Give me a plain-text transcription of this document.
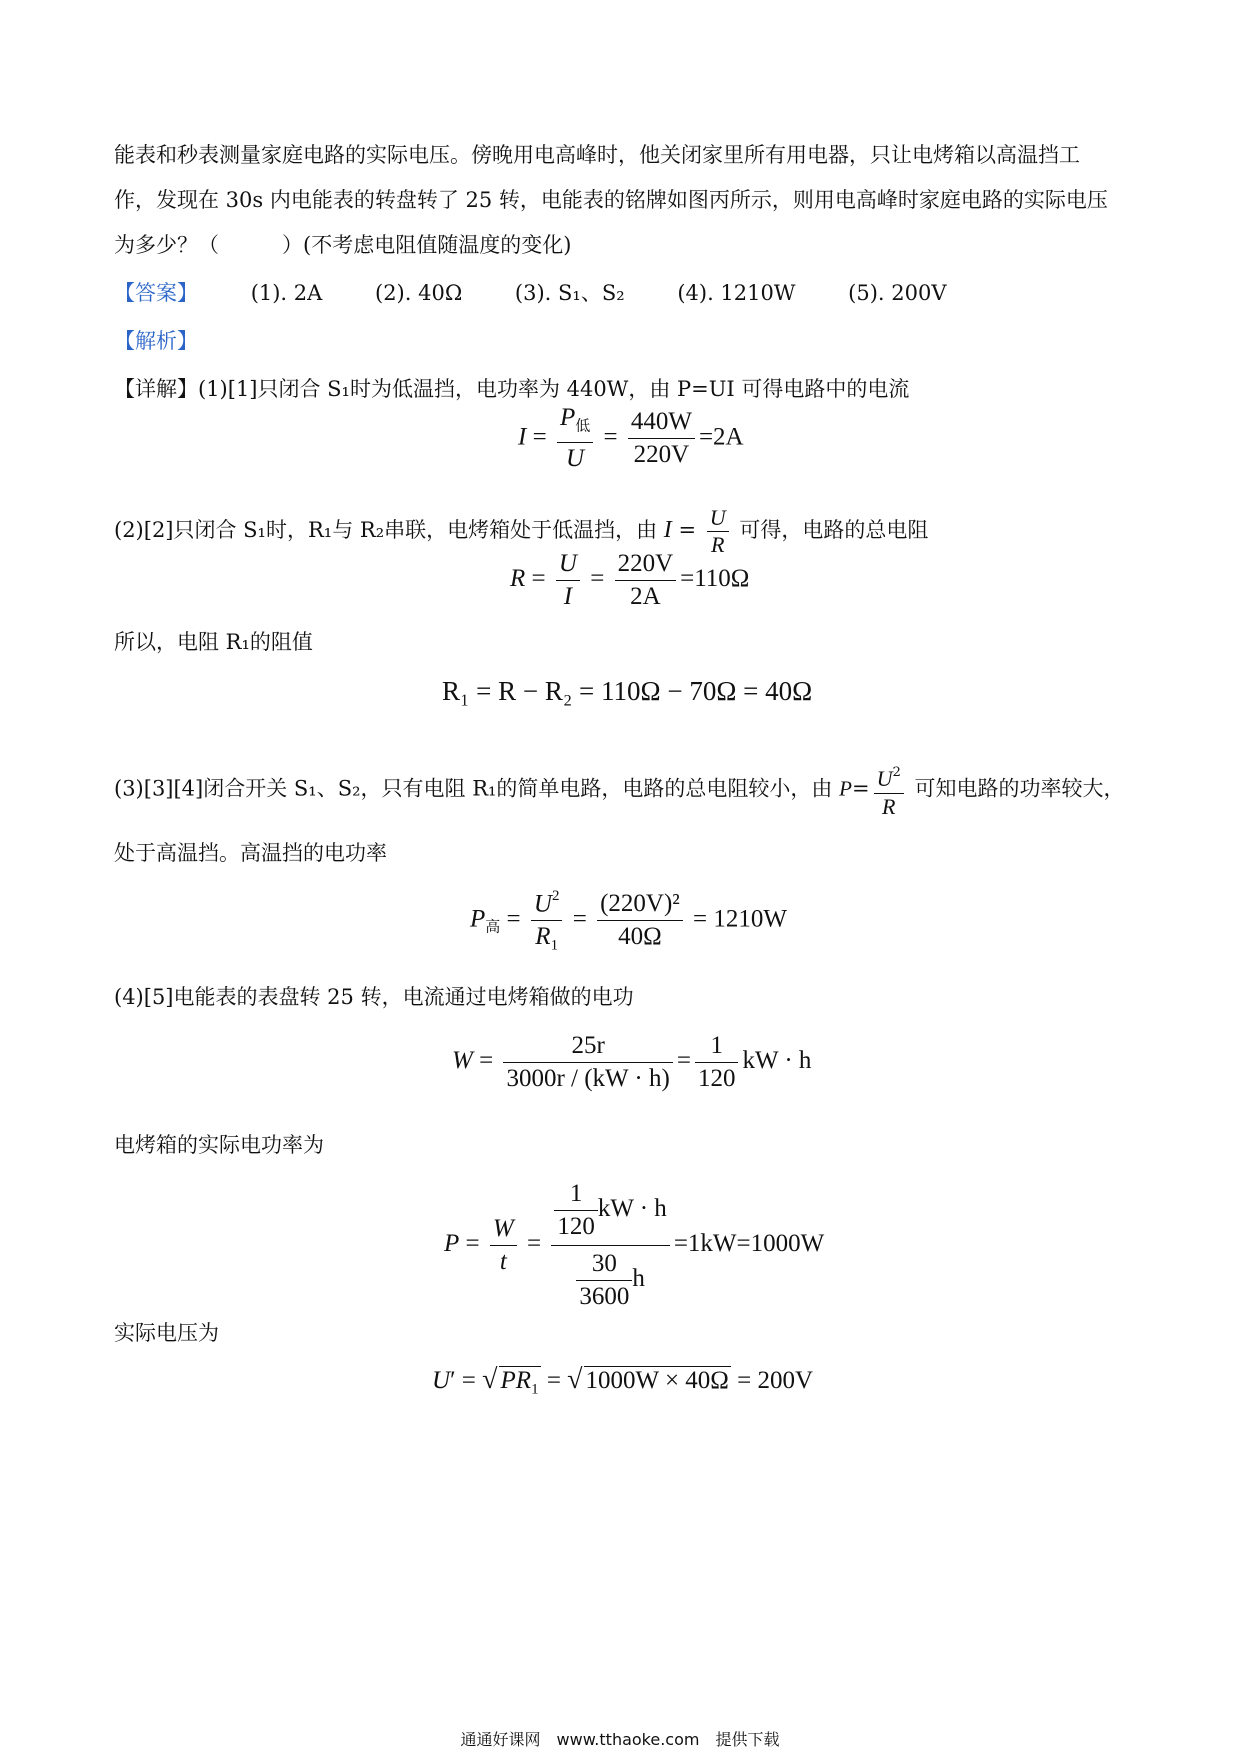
能表和秒表测量家庭电路的实际电压。傍晚用电高峰时，他关闭家里所有用电器，只让电烤箱以高温挡工
作，发现在 30s 内电能表的转盘转了 25 转，电能表的铭牌如图丙所示，则用电高峰时家庭电路的实际电压
为多少？（　　　）(不考虑电阻值随温度的变化)
【答案】	(1). 2A	(2). 40Ω	(3). S₁、S₂	(4). 1210W	(5). 200V
【解析】
【详解】(1)[1]只闭合 S₁时为低温挡，电功率为 440W，由 P=UI 可得电路中的电流
$I = \frac{P_低}{U} = \frac{440W}{220V} =2A$
(2)[2]只闭合 S₁时，R₁与 R₂串联，电烤箱处于低温挡，由 $I = \frac{U}{R}$ 可得，电路的总电阻
$R = \frac{U}{I} = \frac{220V}{2A} =110\Omega$
所以，电阻 R₁的阻值
R₁ = R − R₂ = 110Ω − 70Ω = 40Ω
(3)[3][4]闭合开关 S₁、S₂，只有电阻 R₁的简单电路，电路的总电阻较小，由 $P= \frac{U^2}{R}$ 可知电路的功率较大，
处于高温挡。高温挡的电功率
$P_高 = \frac{U^2}{R_1} = \frac{\text{(220V)²}}{40\Omega} = 1210W$
(4)[5]电能表的表盘转 25 转，电流通过电烤箱做的电功
$W = \frac{25r}{3000r / (kW \cdot h)} = \frac{1}{120}$ kW · h
电烤箱的实际电功率为
$P = \frac{W}{t} = \frac{\frac{1}{120} kW \cdot h}{\frac{30}{3600} h} =1kW=1000W$
实际电压为
U′ = √ $PR_1$ = √ 1000W × 40Ω = 200V
通通好课网　www.tthaoke.com　提供下载
